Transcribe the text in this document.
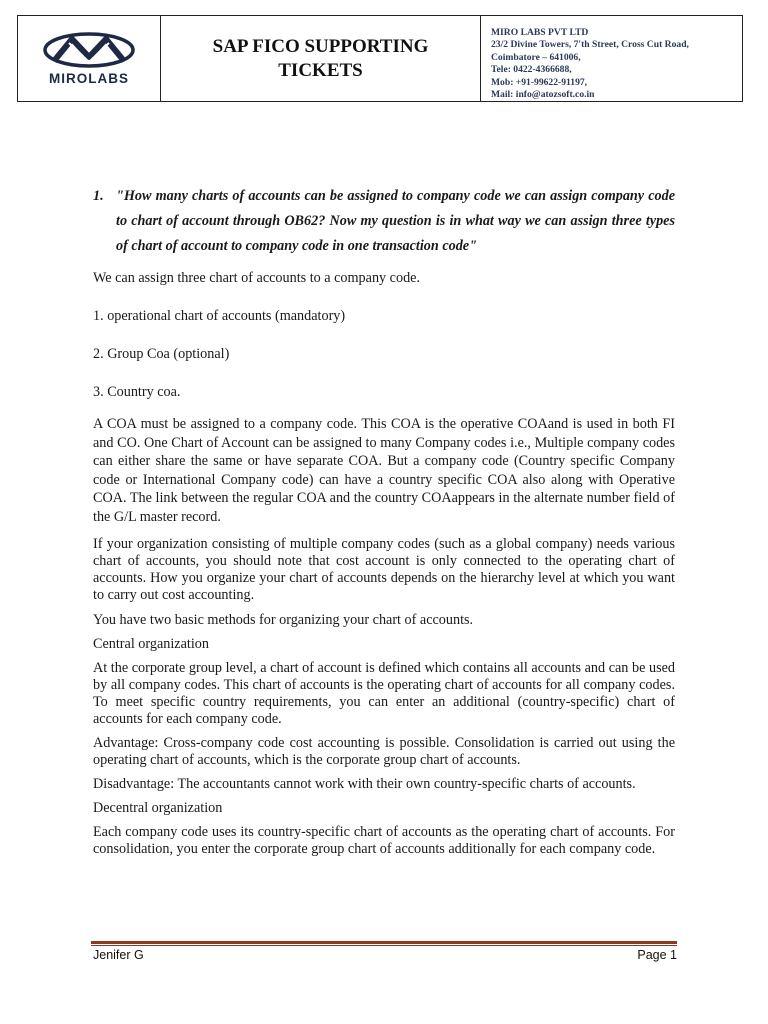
MIROLABS
SAP FICO SUPPORTING
TICKETS
MIRO LABS PVT LTD
23/2 Divine Towers, 7'th Street, Cross Cut Road,
Coimbatore – 641006,
Tele: 0422-4366688,
Mob: +91-99622-91197,
Mail: info@atozsoft.co.in
1. "How many charts of accounts can be assigned to company code we can assign company code to chart of account through OB62? Now my question is in what way we can assign three types of chart of account to company code in one transaction code"

We can assign three chart of accounts to a company code.

1. operational chart of accounts (mandatory)

2. Group Coa (optional)

3. Country coa.

A COA must be assigned to a company code. This COA is the operative COAand is used in both FI and CO. One Chart of Account can be assigned to many Company codes i.e., Multiple company codes can either share the same or have separate COA. But a company code (Country specific Company code or International Company code) can have a country specific COA also along with Operative COA. The link between the regular COA and the country COAappears in the alternate number field of the G/L master record.

If your organization consisting of multiple company codes (such as a global company) needs various chart of accounts, you should note that cost account is only connected to the operating chart of accounts. How you organize your chart of accounts depends on the hierarchy level at which you want to carry out cost accounting.

You have two basic methods for organizing your chart of accounts.

Central organization

At the corporate group level, a chart of account is defined which contains all accounts and can be used by all company codes. This chart of accounts is the operating chart of accounts for all company codes. To meet specific country requirements, you can enter an additional (country-specific) chart of accounts for each company code.

Advantage: Cross-company code cost accounting is possible. Consolidation is carried out using the operating chart of accounts, which is the corporate group chart of accounts.

Disadvantage: The accountants cannot work with their own country-specific charts of accounts.

Decentral organization

Each company code uses its country-specific chart of accounts as the operating chart of accounts. For consolidation, you enter the corporate group chart of accounts additionally for each company code.

Jenifer G	Page 1
